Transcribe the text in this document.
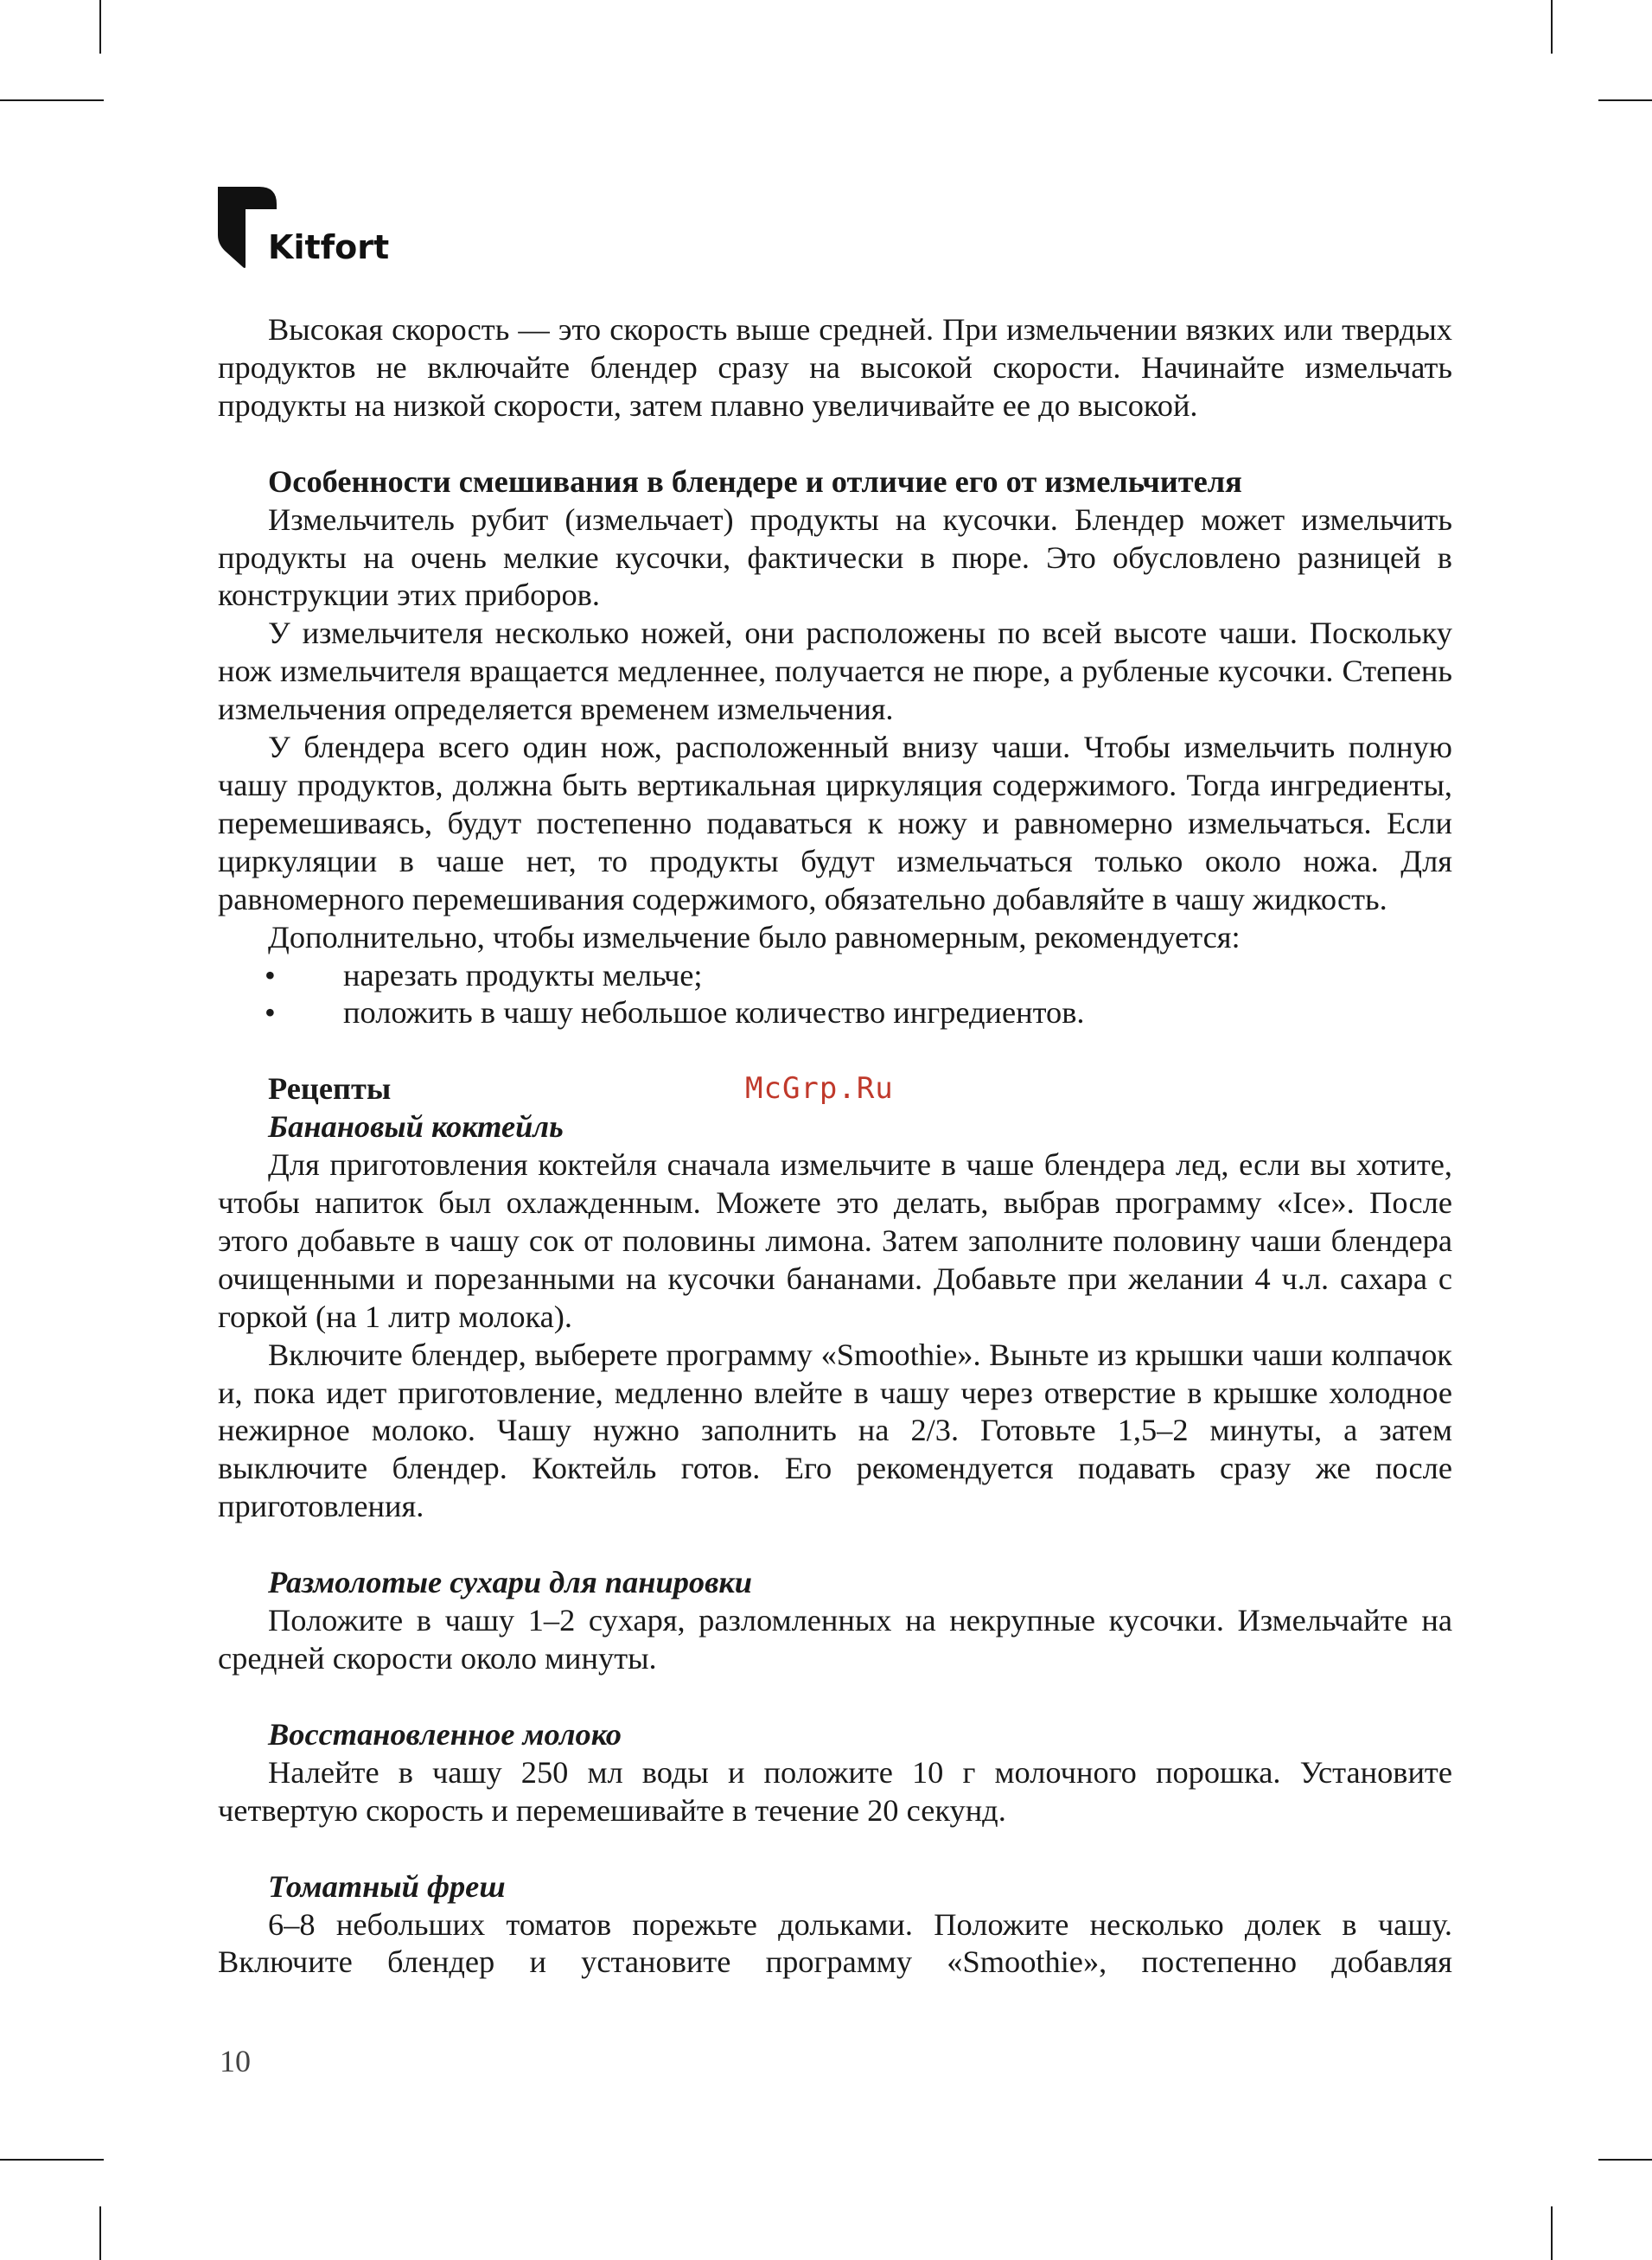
Kitfort

Высокая скорость — это скорость выше средней. При измельчении вязких или твердых продуктов не включайте блендер сразу на высокой скорости. Начинайте измельчать продукты на низкой скорости, затем плавно увеличивайте ее до высокой.

Особенности смешивания в блендере и отличие его от измельчителя

Измельчитель рубит (измельчает) продукты на кусочки. Блендер может измельчить продукты на очень мелкие кусочки, фактически в пюре. Это обусловлено разницей в конструкции этих приборов.

У измельчителя несколько ножей, они расположены по всей высоте чаши. Поскольку нож измельчителя вращается медленнее, получается не пюре, а рубленые кусочки. Степень измельчения определяется временем измельчения.

У блендера всего один нож, расположенный внизу чаши. Чтобы измельчить полную чашу продуктов, должна быть вертикальная циркуляция содержимого. Тогда ингредиенты, перемешиваясь, будут постепенно подаваться к ножу и равномерно измельчаться. Если циркуляции в чаше нет, то продукты будут измельчаться только около ножа. Для равномерного перемешивания содержимого, обязательно добавляйте в чашу жидкость.

Дополнительно, чтобы измельчение было равномерным, рекомендуется:

• нарезать продукты мельче;

• положить в чашу небольшое количество ингредиентов.

Рецепты	McGrp.Ru

Банановый коктейль

Для приготовления коктейля сначала измельчите в чаше блендера лед, если вы хотите, чтобы напиток был охлажденным. Можете это делать, выбрав программу «Ice». После этого добавьте в чашу сок от половины лимона. Затем заполните половину чаши блендера очищенными и порезанными на кусочки бананами. Добавьте при желании 4 ч.л. сахара с горкой (на 1 литр молока).

Включите блендер, выберете программу «Smoothie». Выньте из крышки чаши колпачок и, пока идет приготовление, медленно влейте в чашу через отверстие в крышке холодное нежирное молоко. Чашу нужно заполнить на 2/3. Готовьте 1,5–2 минуты, а затем выключите блендер. Коктейль готов. Его рекомендуется подавать сразу же после приготовления.

Размолотые сухари для панировки

Положите в чашу 1–2 сухаря, разломленных на некрупные кусочки. Измельчайте на средней скорости около минуты.

Восстановленное молоко

Налейте в чашу 250 мл воды и положите 10 г молочного порошка. Установите четвертую скорость и перемешивайте в течение 20 секунд.

Томатный фреш

6–8 небольших томатов порежьте дольками. Положите несколько долек в чашу. Включите блендер и установите программу «Smoothie», постепенно добавляя

10
